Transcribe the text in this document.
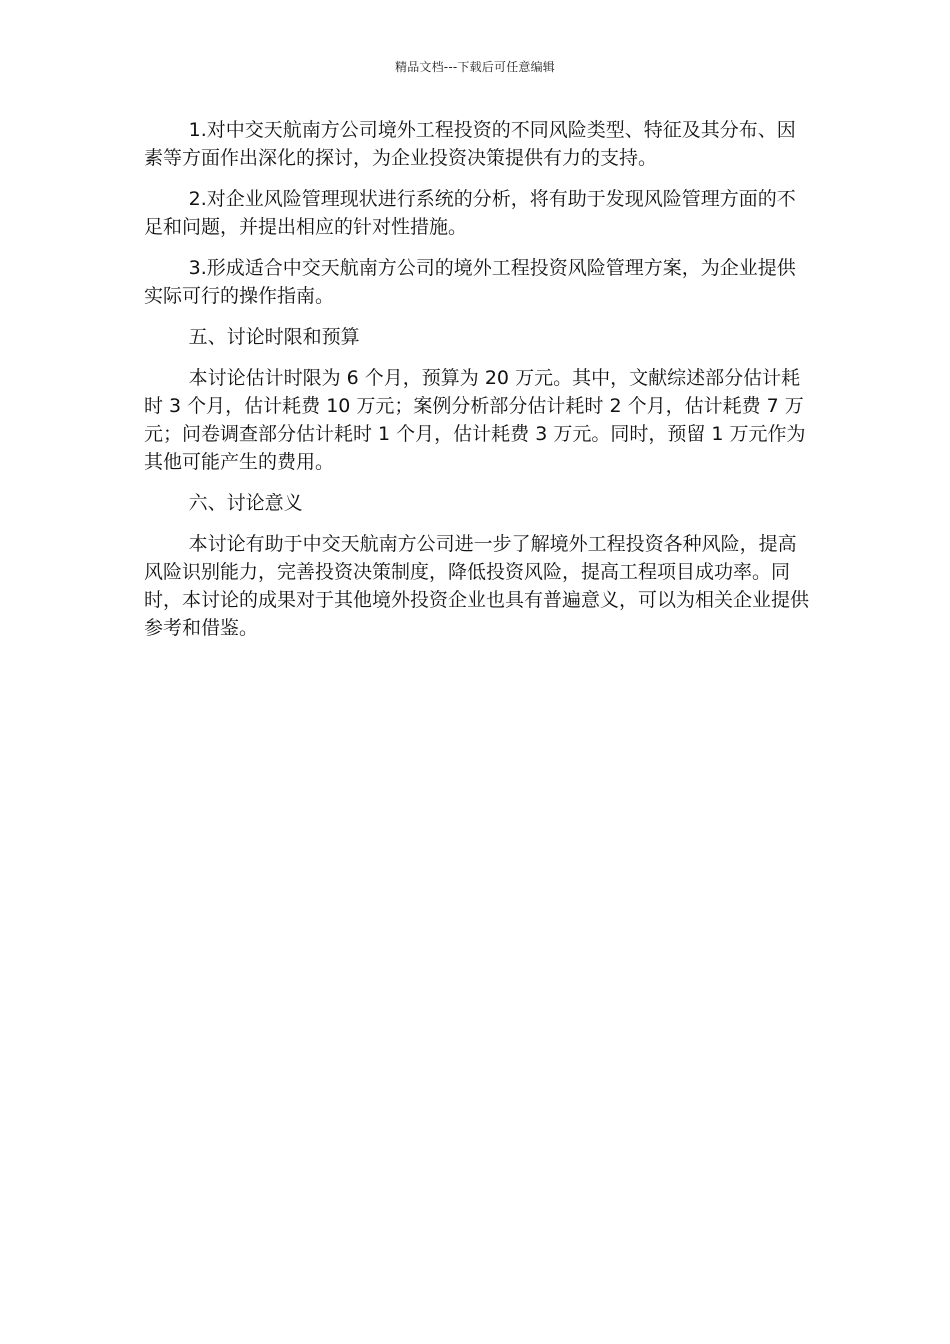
精品文档---下载后可任意编辑

1.对中交天航南方公司境外工程投资的不同风险类型、特征及其分布、因素等方面作出深化的探讨，为企业投资决策提供有力的支持。

2.对企业风险管理现状进行系统的分析，将有助于发现风险管理方面的不足和问题，并提出相应的针对性措施。

3.形成适合中交天航南方公司的境外工程投资风险管理方案，为企业提供实际可行的操作指南。

五、讨论时限和预算

本讨论估计时限为 6 个月，预算为 20 万元。其中，文献综述部分估计耗时 3 个月，估计耗费 10 万元；案例分析部分估计耗时 2 个月，估计耗费 7 万元；问卷调查部分估计耗时 1 个月，估计耗费 3 万元。同时，预留 1 万元作为其他可能产生的费用。

六、讨论意义

本讨论有助于中交天航南方公司进一步了解境外工程投资各种风险，提高风险识别能力，完善投资决策制度，降低投资风险，提高工程项目成功率。同时，本讨论的成果对于其他境外投资企业也具有普遍意义，可以为相关企业提供参考和借鉴。
